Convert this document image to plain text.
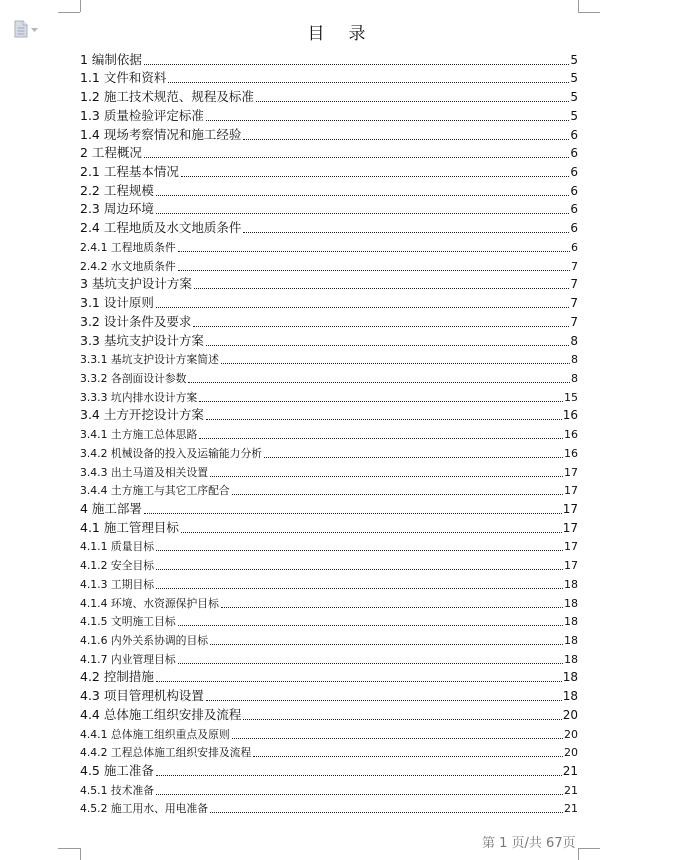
目 录
1 编制依据	5
1.1 文件和资料	5
1.2 施工技术规范、规程及标准	5
1.3 质量检验评定标准	5
1.4 现场考察情况和施工经验	6
2 工程概况	6
2.1 工程基本情况	6
2.2 工程规模	6
2.3 周边环境	6
2.4 工程地质及水文地质条件	6
2.4.1 工程地质条件	6
2.4.2 水文地质条件	7
3 基坑支护设计方案	7
3.1 设计原则	7
3.2 设计条件及要求	7
3.3 基坑支护设计方案	8
3.3.1 基坑支护设计方案简述	8
3.3.2 各剖面设计参数	8
3.3.3 坑内排水设计方案	15
3.4 土方开挖设计方案	16
3.4.1 土方施工总体思路	16
3.4.2 机械设备的投入及运输能力分析	16
3.4.3 出土马道及相关设置	17
3.4.4 土方施工与其它工序配合	17
4 施工部署	17
4.1 施工管理目标	17
4.1.1 质量目标	17
4.1.2 安全目标	17
4.1.3 工期目标	18
4.1.4 环境、水资源保护目标	18
4.1.5 文明施工目标	18
4.1.6 内外关系协调的目标	18
4.1.7 内业管理目标	18
4.2 控制措施	18
4.3 项目管理机构设置	18
4.4 总体施工组织安排及流程	20
4.4.1 总体施工组织重点及原则	20
4.4.2 工程总体施工组织安排及流程	20
4.5 施工准备	21
4.5.1 技术准备	21
4.5.2 施工用水、用电准备	21
第 1 页/共 67页
